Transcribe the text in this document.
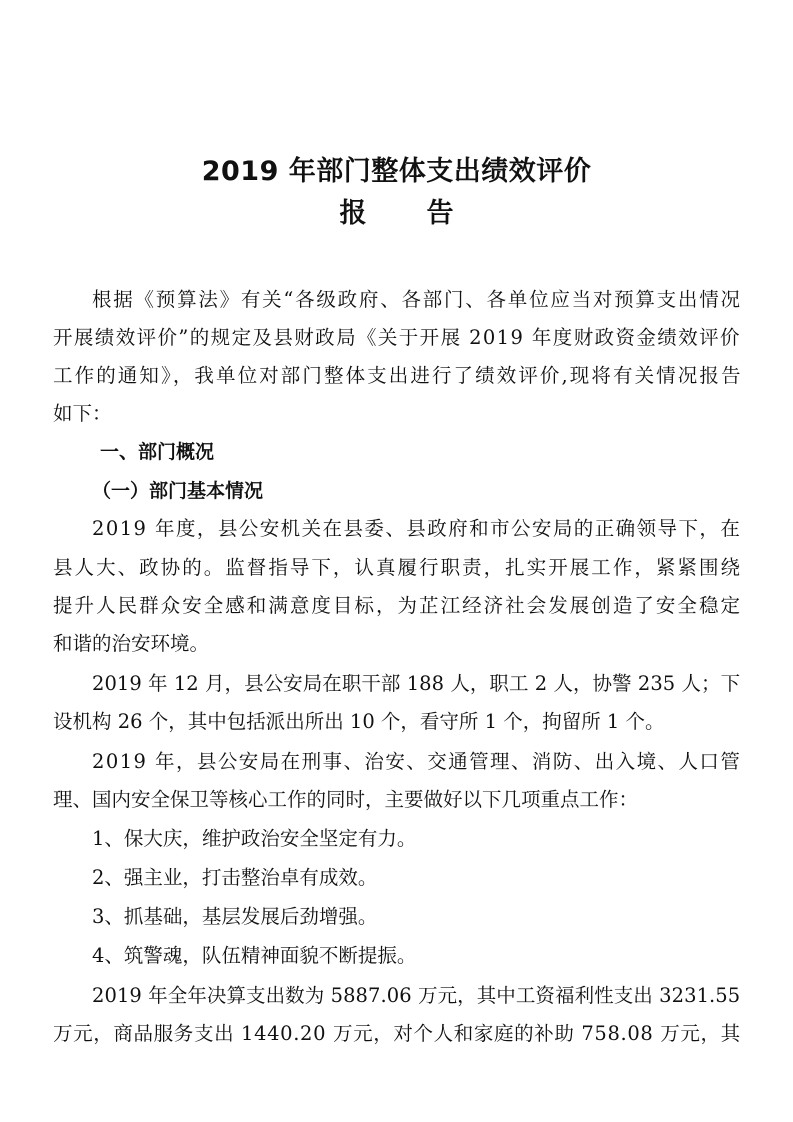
2019 年部门整体支出绩效评价
报 告
根据《预算法》有关“各级政府、各部门、各单位应当对预算支出情况
开展绩效评价”的规定及县财政局《关于开展 2019 年度财政资金绩效评价
工作的通知》，我单位对部门整体支出进行了绩效评价,现将有关情况报告
如下：
一、部门概况
（一）部门基本情况
2019 年度，县公安机关在县委、县政府和市公安局的正确领导下，在
县人大、政协的。监督指导下，认真履行职责，扎实开展工作，紧紧围绕
提升人民群众安全感和满意度目标，为芷江经济社会发展创造了安全稳定
和谐的治安环境。
2019 年 12 月，县公安局在职干部 188 人，职工 2 人，协警 235 人；下
设机构 26 个，其中包括派出所出 10 个，看守所 1 个，拘留所 1 个。
2019 年，县公安局在刑事、治安、交通管理、消防、出入境、人口管
理、国内安全保卫等核心工作的同时，主要做好以下几项重点工作：
1、保大庆，维护政治安全坚定有力。
2、强主业，打击整治卓有成效。
3、抓基础，基层发展后劲增强。
4、筑警魂，队伍精神面貌不断提振。
2019 年全年决算支出数为 5887.06 万元，其中工资福利性支出 3231.55
万元，商品服务支出 1440.20 万元，对个人和家庭的补助 758.08 万元，其
